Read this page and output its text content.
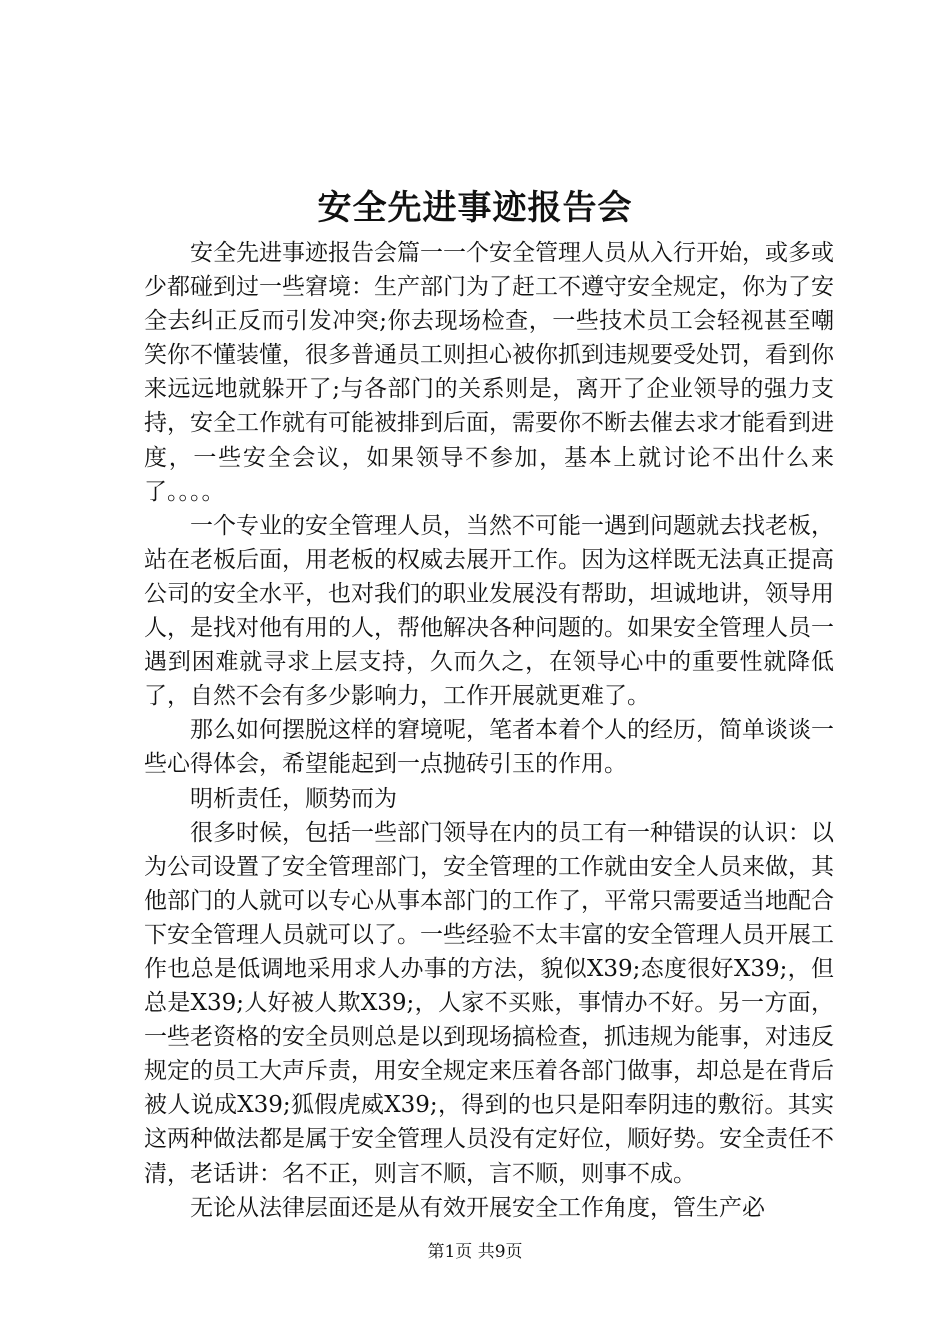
安全先进事迹报告会

安全先进事迹报告会篇一一个安全管理人员从入行开始，或多或少都碰到过一些窘境：生产部门为了赶工不遵守安全规定，你为了安全去纠正反而引发冲突;你去现场检查，一些技术员工会轻视甚至嘲笑你不懂装懂，很多普通员工则担心被你抓到违规要受处罚，看到你来远远地就躲开了;与各部门的关系则是，离开了企业领导的强力支持，安全工作就有可能被排到后面，需要你不断去催去求才能看到进度，一些安全会议，如果领导不参加，基本上就讨论不出什么来了。。。。

一个专业的安全管理人员，当然不可能一遇到问题就去找老板，站在老板后面，用老板的权威去展开工作。因为这样既无法真正提高公司的安全水平，也对我们的职业发展没有帮助，坦诚地讲，领导用人，是找对他有用的人，帮他解决各种问题的。如果安全管理人员一遇到困难就寻求上层支持，久而久之，在领导心中的重要性就降低了，自然不会有多少影响力，工作开展就更难了。

那么如何摆脱这样的窘境呢，笔者本着个人的经历，简单谈谈一些心得体会，希望能起到一点抛砖引玉的作用。

明析责任，顺势而为

很多时候，包括一些部门领导在内的员工有一种错误的认识：以为公司设置了安全管理部门，安全管理的工作就由安全人员来做，其他部门的人就可以专心从事本部门的工作了，平常只需要适当地配合下安全管理人员就可以了。一些经验不太丰富的安全管理人员开展工作也总是低调地采用求人办事的方法，貌似X39;态度很好X39;，但总是X39;人好被人欺X39;，人家不买账，事情办不好。另一方面，一些老资格的安全员则总是以到现场搞检查，抓违规为能事，对违反规定的员工大声斥责，用安全规定来压着各部门做事，却总是在背后被人说成X39;狐假虎威X39;，得到的也只是阳奉阴违的敷衍。其实这两种做法都是属于安全管理人员没有定好位，顺好势。安全责任不清，老话讲：名不正，则言不顺，言不顺，则事不成。

无论从法律层面还是从有效开展安全工作角度，管生产必

第1页 共9页
